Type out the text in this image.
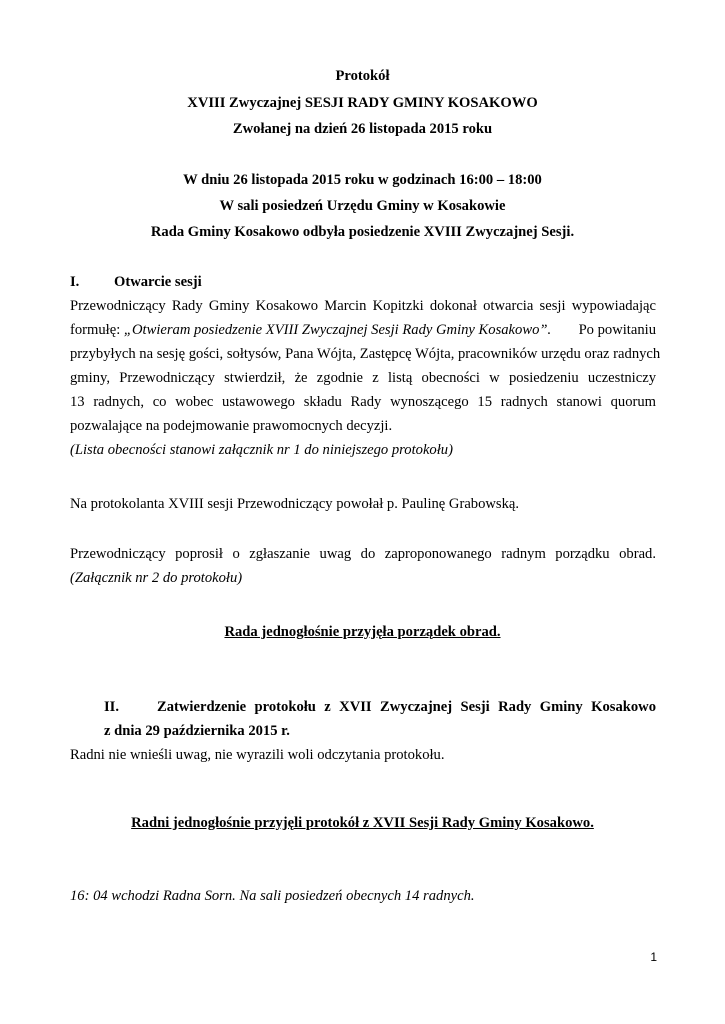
Protokół
XVIII Zwyczajnej SESJI RADY GMINY KOSAKOWO
Zwołanej na dzień 26 listopada 2015 roku
W dniu 26 listopada 2015 roku w godzinach 16:00 – 18:00
W sali posiedzeń Urzędu Gminy w Kosakowie
Rada Gminy Kosakowo odbyła posiedzenie XVIII Zwyczajnej Sesji.
I. Otwarcie sesji
Przewodniczący Rady Gminy Kosakowo Marcin Kopitzki dokonał otwarcia sesji wypowiadając
formułę: „Otwieram posiedzenie XVIII Zwyczajnej Sesji Rady Gminy Kosakowo”. Po powitaniu
przybyłych na sesję gości, sołtysów, Pana Wójta, Zastępcę Wójta, pracowników urzędu oraz radnych
gminy, Przewodniczący stwierdził, że zgodnie z listą obecności w posiedzeniu uczestniczy
13 radnych, co wobec ustawowego składu Rady wynoszącego 15 radnych stanowi quorum
pozwalające na podejmowanie prawomocnych decyzji.
(Lista obecności stanowi załącznik nr 1 do niniejszego protokołu)
Na protokolanta XVIII sesji Przewodniczący powołał p. Paulinę Grabowską.
Przewodniczący poprosił o zgłaszanie uwag do zaproponowanego radnym porządku obrad.
(Załącznik nr 2 do protokołu)
Rada jednogłośnie przyjęła porządek obrad.
II.	Zatwierdzenie protokołu z XVII Zwyczajnej Sesji Rady Gminy Kosakowo
z dnia 29 października 2015 r.
Radni nie wnieśli uwag, nie wyrazili woli odczytania protokołu.
Radni jednogłośnie przyjęli protokół z XVII Sesji Rady Gminy Kosakowo.
16: 04 wchodzi Radna Sorn. Na sali posiedzeń obecnych 14 radnych.
1
